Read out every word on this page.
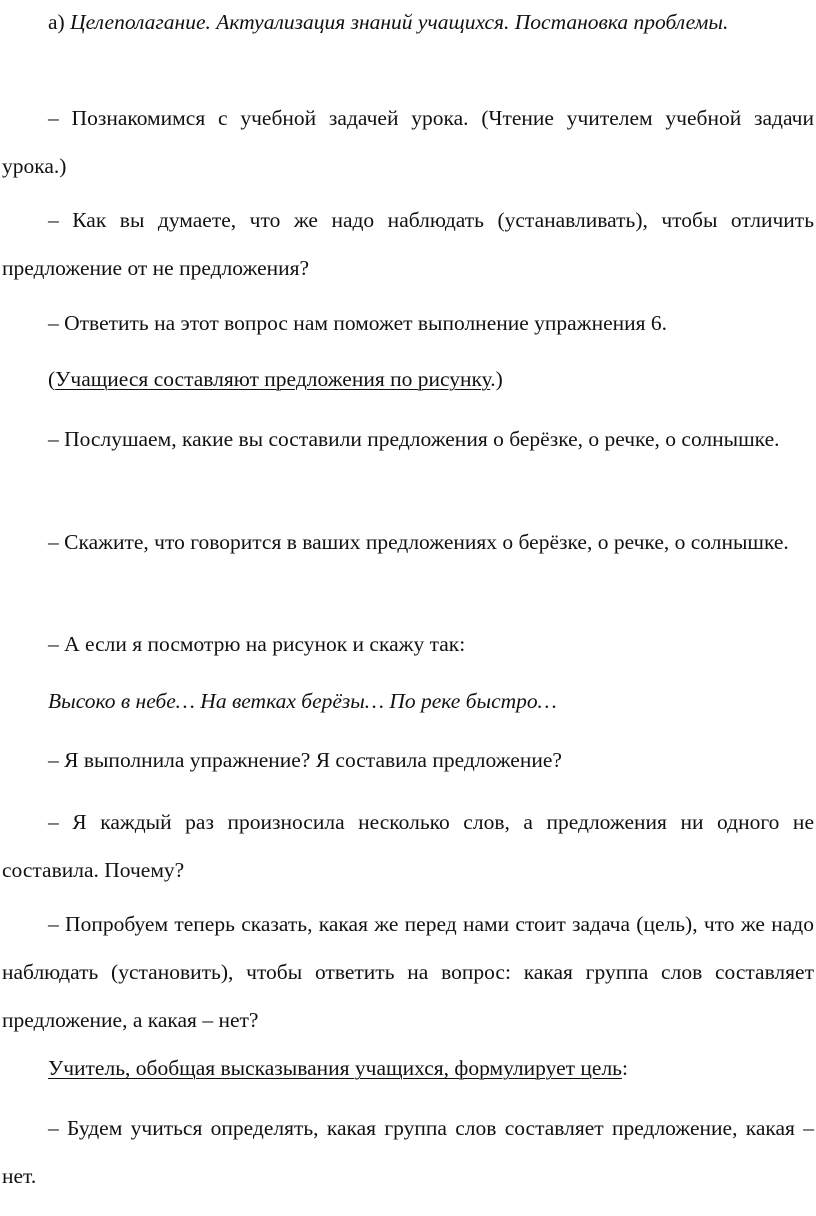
а) Целеполагание. Актуализация знаний учащихся. Постановка проблемы.

– Познакомимся с учебной задачей урока. (Чтение учителем учебной задачи урока.)

– Как вы думаете, что же надо наблюдать (устанавливать), чтобы отличить предложение от не предложения?

– Ответить на этот вопрос нам поможет выполнение упражнения 6.

(Учащиеся составляют предложения по рисунку.)

– Послушаем, какие вы составили предложения о берёзке, о речке, о солнышке.

– Скажите, что говорится в ваших предложениях о берёзке, о речке, о солнышке.

– А если я посмотрю на рисунок и скажу так:

Высоко в небе… На ветках берёзы… По реке быстро…

– Я выполнила упражнение? Я составила предложение?

– Я каждый раз произносила несколько слов, а предложения ни одного не составила. Почему?

– Попробуем теперь сказать, какая же перед нами стоит задача (цель), что же надо наблюдать (установить), чтобы ответить на вопрос: какая группа слов составляет предложение, а какая – нет?

Учитель, обобщая высказывания учащихся, формулирует цель:

– Будем учиться определять, какая группа слов составляет предложение, какая – нет.
